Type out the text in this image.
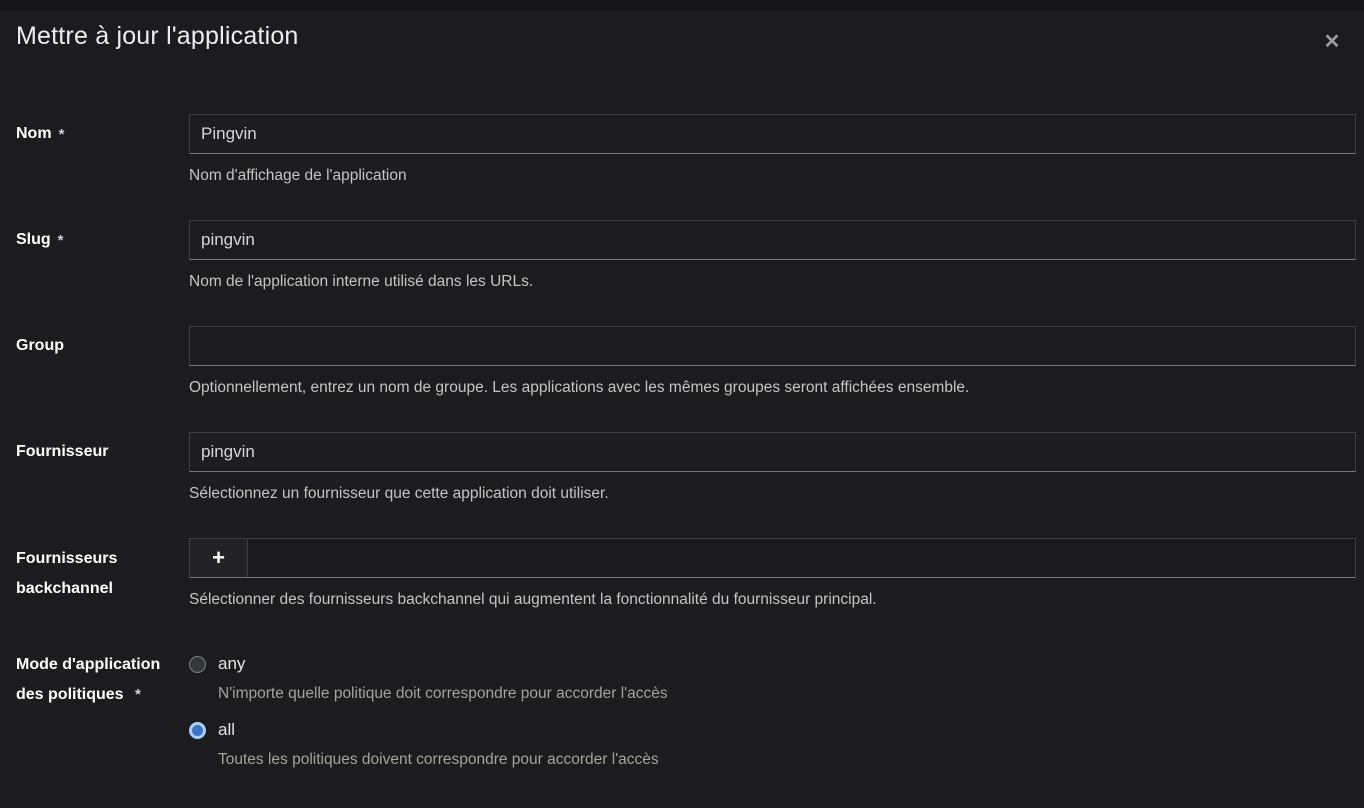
Mettre à jour l'application	✕
Nom *
Pingvin
Nom d'affichage de l'application
Slug *
pingvin
Nom de l'application interne utilisé dans les URLs.
Group
Optionnellement, entrez un nom de groupe. Les applications avec les mêmes groupes seront affichées ensemble.
Fournisseur
pingvin
Sélectionnez un fournisseur que cette application doit utiliser.
Fournisseurs backchannel
+
Sélectionner des fournisseurs backchannel qui augmentent la fonctionnalité du fournisseur principal.
Mode d'application des politiques *
any
N'importe quelle politique doit correspondre pour accorder l'accès
all
Toutes les politiques doivent correspondre pour accorder l'accès
